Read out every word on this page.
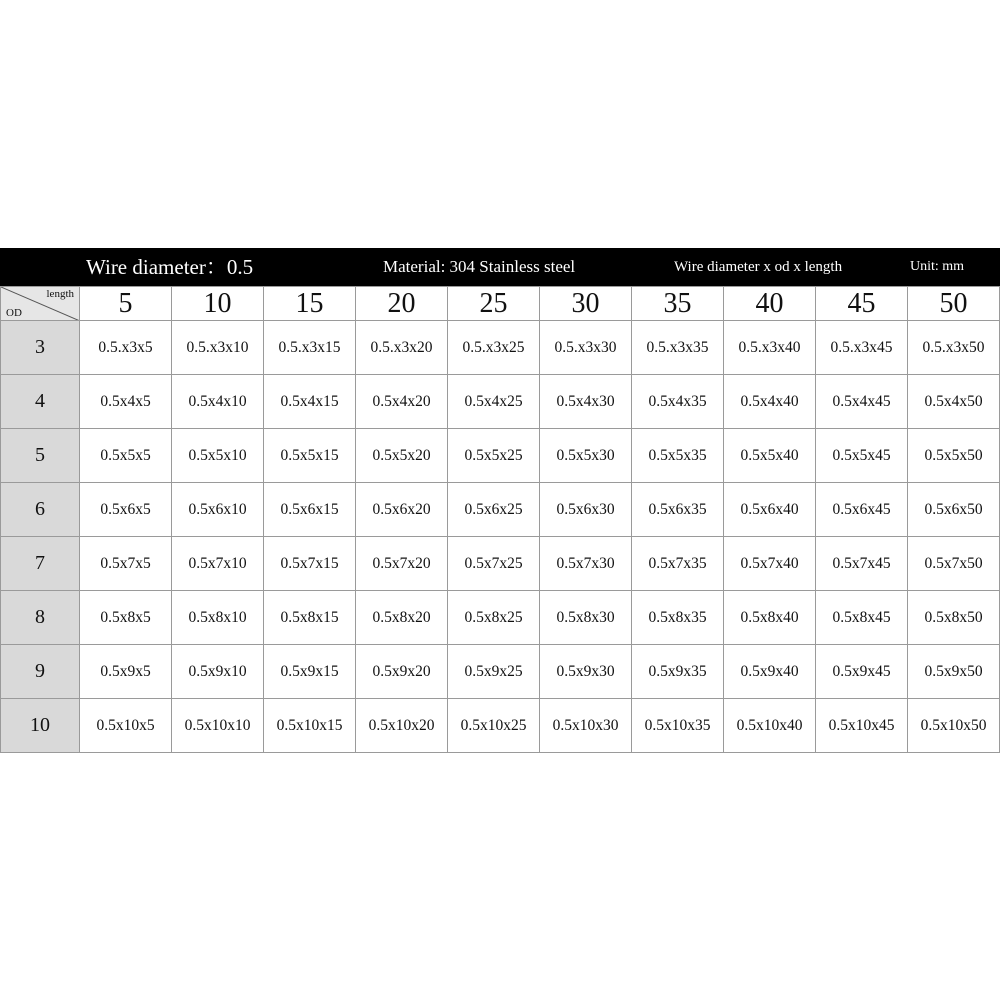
Wire diameter：0.5	Material: 304 Stainless steel	Wire diameter x od x length	Unit: mm
length
OD	5	10	15	20	25	30	35	40	45	50
3	0.5.x3x5	0.5.x3x10	0.5.x3x15	0.5.x3x20	0.5.x3x25	0.5.x3x30	0.5.x3x35	0.5.x3x40	0.5.x3x45	0.5.x3x50
4	0.5x4x5	0.5x4x10	0.5x4x15	0.5x4x20	0.5x4x25	0.5x4x30	0.5x4x35	0.5x4x40	0.5x4x45	0.5x4x50
5	0.5x5x5	0.5x5x10	0.5x5x15	0.5x5x20	0.5x5x25	0.5x5x30	0.5x5x35	0.5x5x40	0.5x5x45	0.5x5x50
6	0.5x6x5	0.5x6x10	0.5x6x15	0.5x6x20	0.5x6x25	0.5x6x30	0.5x6x35	0.5x6x40	0.5x6x45	0.5x6x50
7	0.5x7x5	0.5x7x10	0.5x7x15	0.5x7x20	0.5x7x25	0.5x7x30	0.5x7x35	0.5x7x40	0.5x7x45	0.5x7x50
8	0.5x8x5	0.5x8x10	0.5x8x15	0.5x8x20	0.5x8x25	0.5x8x30	0.5x8x35	0.5x8x40	0.5x8x45	0.5x8x50
9	0.5x9x5	0.5x9x10	0.5x9x15	0.5x9x20	0.5x9x25	0.5x9x30	0.5x9x35	0.5x9x40	0.5x9x45	0.5x9x50
10	0.5x10x5	0.5x10x10	0.5x10x15	0.5x10x20	0.5x10x25	0.5x10x30	0.5x10x35	0.5x10x40	0.5x10x45	0.5x10x50
